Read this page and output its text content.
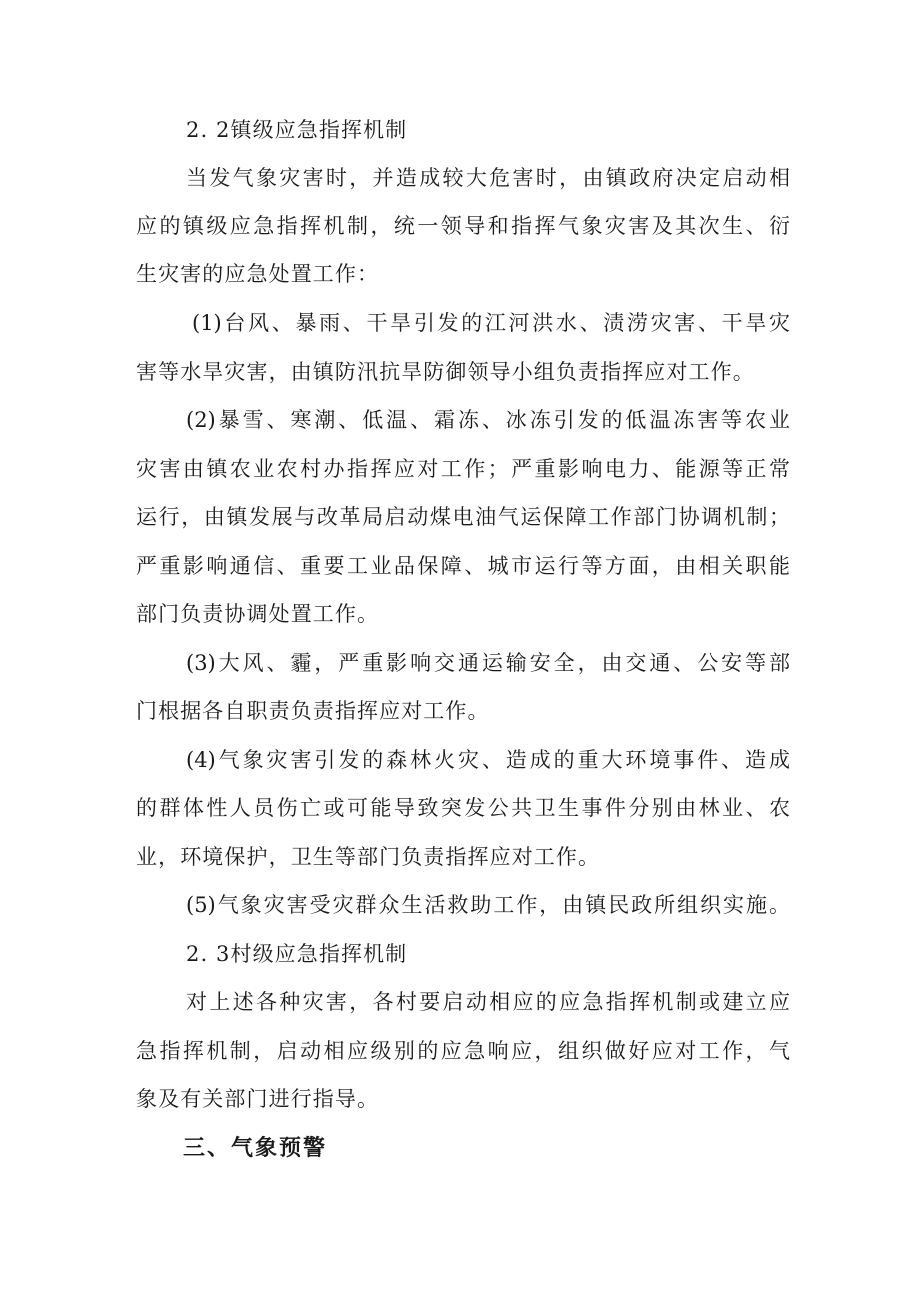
2. 2镇级应急指挥机制
当发气象灾害时，并造成较大危害时，由镇政府决定启动相
应的镇级应急指挥机制，统一领导和指挥气象灾害及其次生、衍
生灾害的应急处置工作：
(1)台风、暴雨、干旱引发的江河洪水、渍涝灾害、干旱灾
害等水旱灾害，由镇防汛抗旱防御领导小组负责指挥应对工作。
(2)暴雪、寒潮、低温、霜冻、冰冻引发的低温冻害等农业
灾害由镇农业农村办指挥应对工作；严重影响电力、能源等正常
运行，由镇发展与改革局启动煤电油气运保障工作部门协调机制；
严重影响通信、重要工业品保障、城市运行等方面，由相关职能
部门负责协调处置工作。
(3)大风、霾，严重影响交通运输安全，由交通、公安等部
门根据各自职责负责指挥应对工作。
(4)气象灾害引发的森林火灾、造成的重大环境事件、造成
的群体性人员伤亡或可能导致突发公共卫生事件分别由林业、农
业，环境保护，卫生等部门负责指挥应对工作。
(5)气象灾害受灾群众生活救助工作，由镇民政所组织实施。
2. 3村级应急指挥机制
对上述各种灾害，各村要启动相应的应急指挥机制或建立应
急指挥机制，启动相应级别的应急响应，组织做好应对工作，气
象及有关部门进行指导。
三、气象预警
